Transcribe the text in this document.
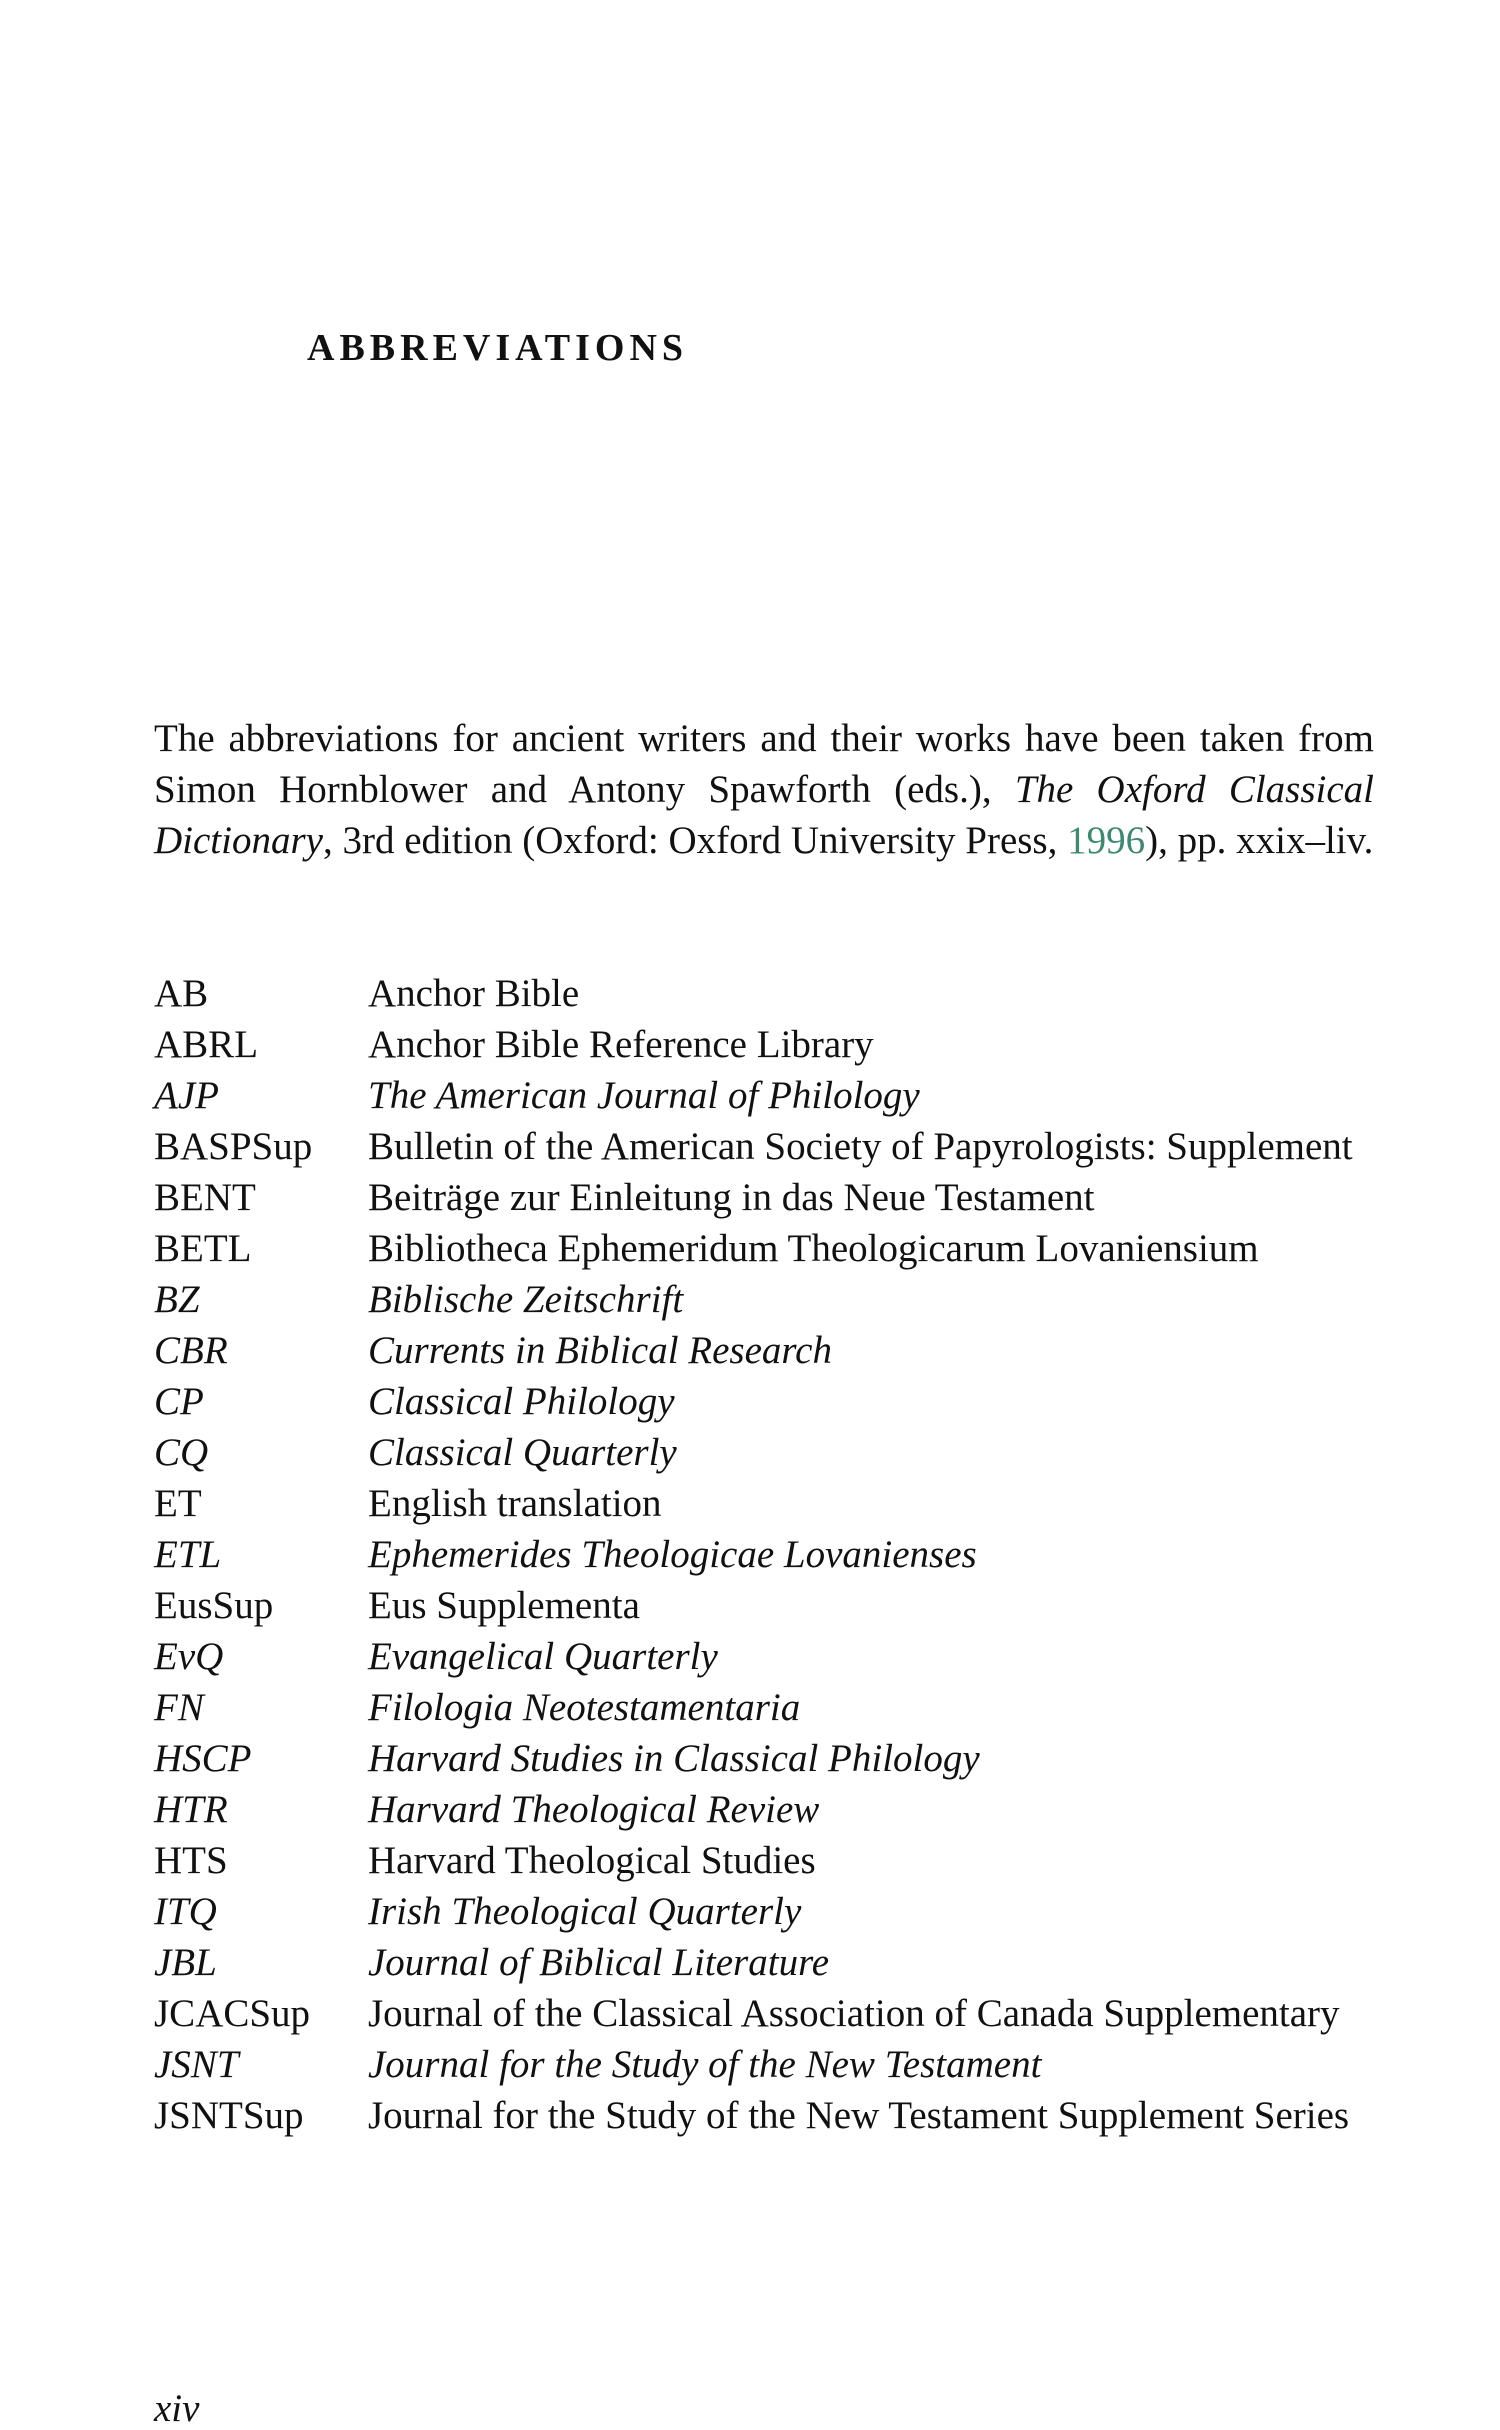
ABBREVIATIONS

The abbreviations for ancient writers and their works have been taken from Simon Hornblower and Antony Spawforth (eds.), The Oxford Classical Dictionary, 3rd edition (Oxford: Oxford University Press, 1996), pp. xxix–liv.

AB	Anchor Bible
ABRL	Anchor Bible Reference Library
AJP	The American Journal of Philology
BASPSup	Bulletin of the American Society of Papyrologists: Supplement
BENT	Beiträge zur Einleitung in das Neue Testament
BETL	Bibliotheca Ephemeridum Theologicarum Lovaniensium
BZ	Biblische Zeitschrift
CBR	Currents in Biblical Research
CP	Classical Philology
CQ	Classical Quarterly
ET	English translation
ETL	Ephemerides Theologicae Lovanienses
EusSup	Eus Supplementa
EvQ	Evangelical Quarterly
FN	Filologia Neotestamentaria
HSCP	Harvard Studies in Classical Philology
HTR	Harvard Theological Review
HTS	Harvard Theological Studies
ITQ	Irish Theological Quarterly
JBL	Journal of Biblical Literature
JCACSup	Journal of the Classical Association of Canada Supplementary
JSNT	Journal for the Study of the New Testament
JSNTSup	Journal for the Study of the New Testament Supplement Series
xiv
